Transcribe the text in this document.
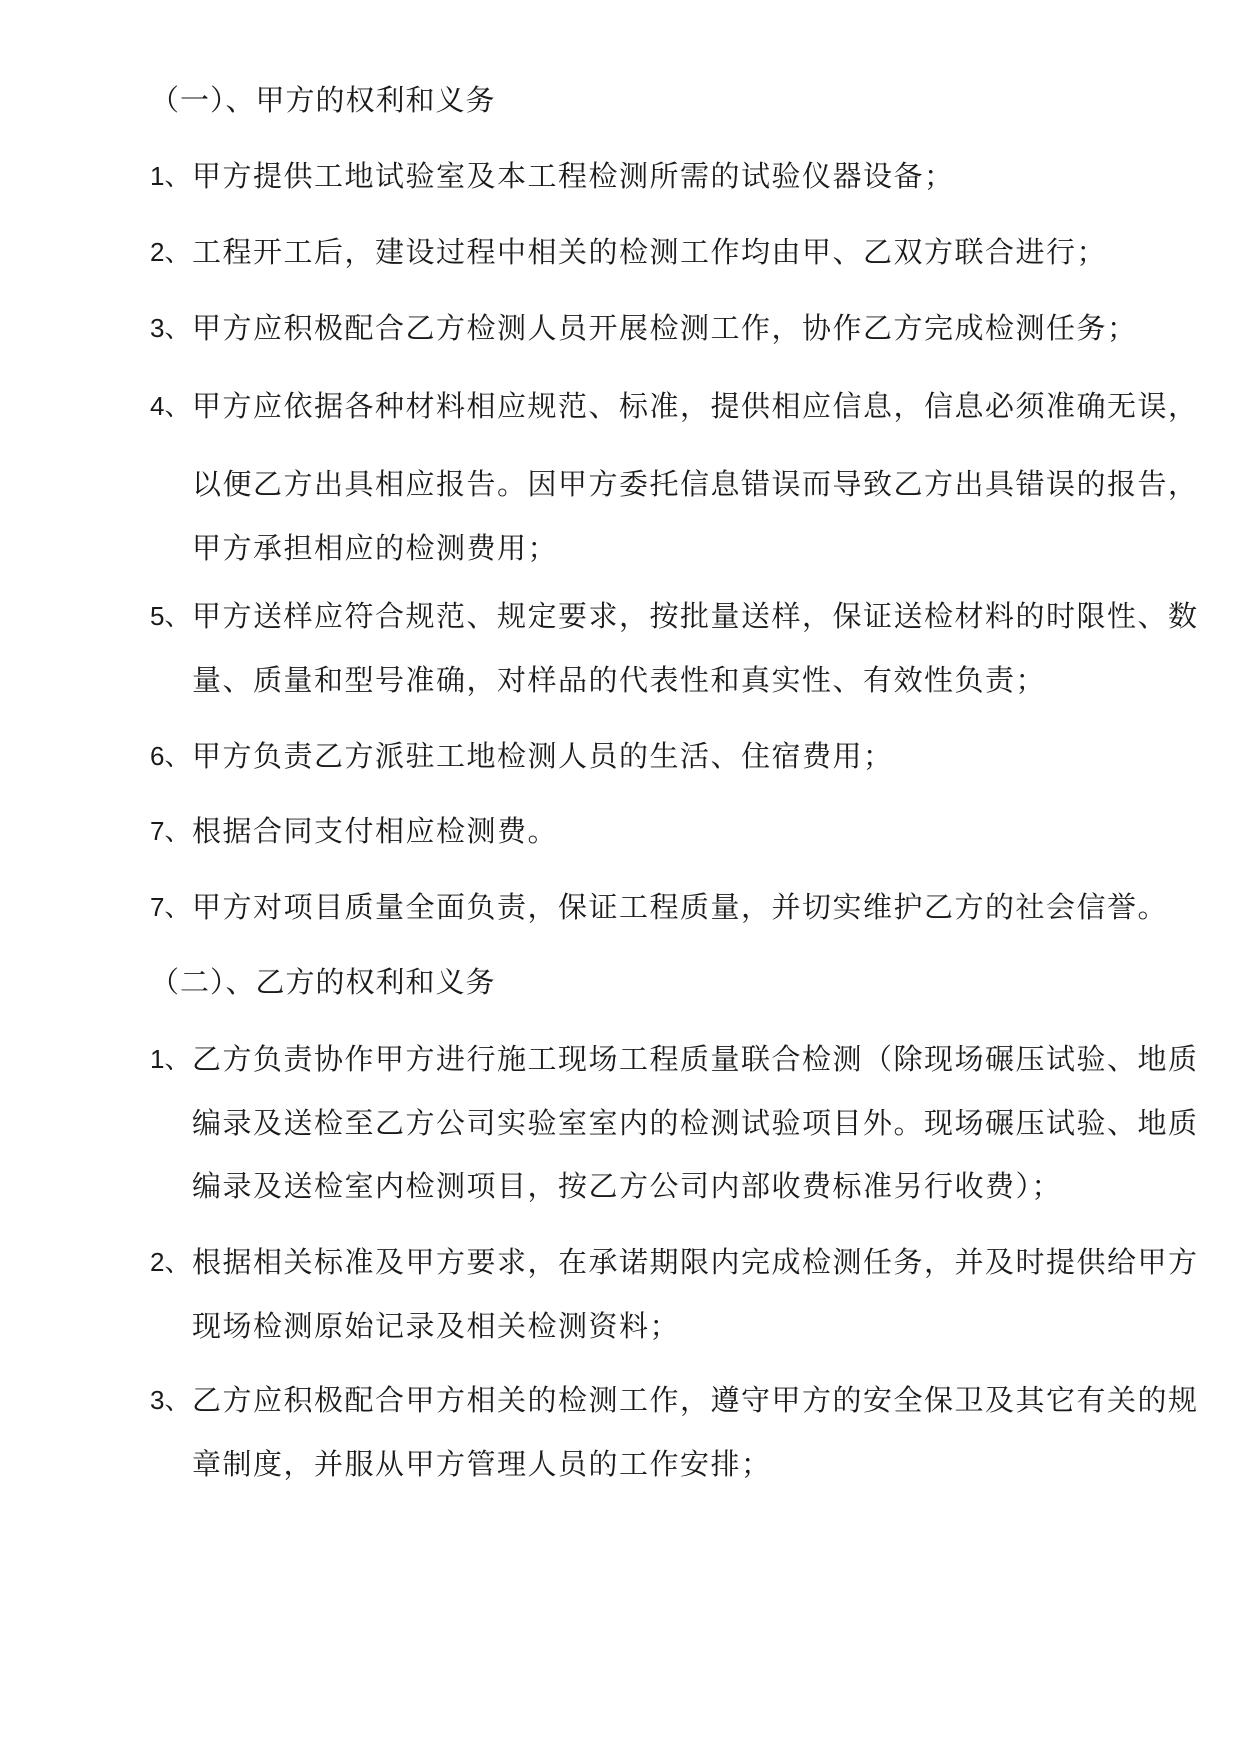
（一）、甲方的权利和义务
1、 甲方提供工地试验室及本工程检测所需的试验仪器设备；
2、 工程开工后，建设过程中相关的检测工作均由甲、乙双方联合进行；
3、 甲方应积极配合乙方检测人员开展检测工作，协作乙方完成检测任务；
4、 甲方应依据各种材料相应规范、标准，提供相应信息，信息必须准确无误，
以便乙方出具相应报告。因甲方委托信息错误而导致乙方出具错误的报告，
甲方承担相应的检测费用；
5、 甲方送样应符合规范、规定要求，按批量送样，保证送检材料的时限性、数
量、质量和型号准确，对样品的代表性和真实性、有效性负责；
6、 甲方负责乙方派驻工地检测人员的生活、住宿费用；
7、 根据合同支付相应检测费。
7、 甲方对项目质量全面负责，保证工程质量，并切实维护乙方的社会信誉。
（二）、乙方的权利和义务
1、 乙方负责协作甲方进行施工现场工程质量联合检测（除现场碾压试验、地质
编录及送检至乙方公司实验室室内的检测试验项目外。现场碾压试验、地质
编录及送检室内检测项目，按乙方公司内部收费标准另行收费）；
2、 根据相关标准及甲方要求，在承诺期限内完成检测任务，并及时提供给甲方
现场检测原始记录及相关检测资料；
3、 乙方应积极配合甲方相关的检测工作，遵守甲方的安全保卫及其它有关的规
章制度，并服从甲方管理人员的工作安排；
